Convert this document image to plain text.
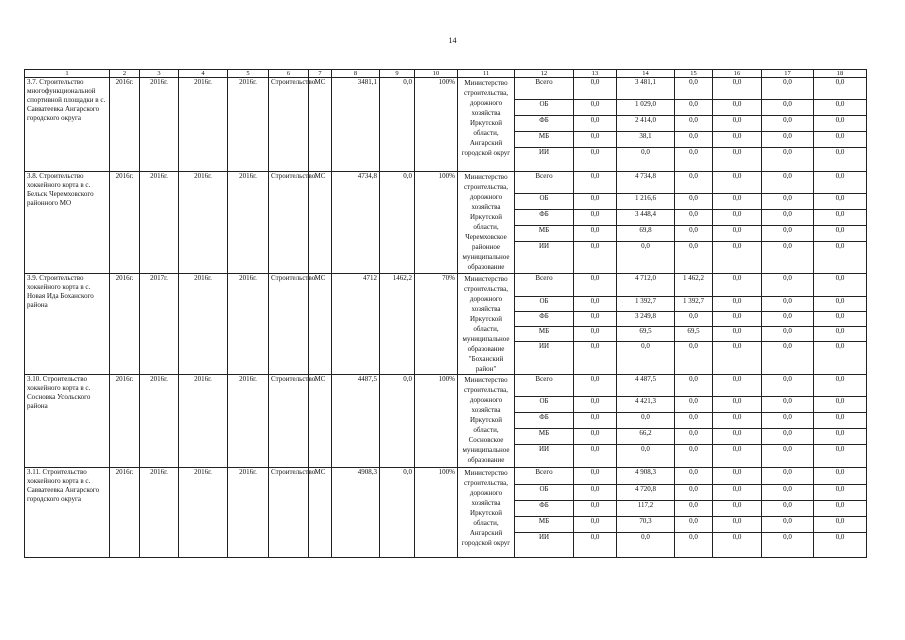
14
1	2	3	4	5	6	7	8	9	10	11	12	13	14	15	16	17	18
3.7. Строительство многофункциональной спортивной площадки в с. Савватеевка Ангарского городского округа	2016г.	2016г.	2016г.	2016г.	Строительство	МС	3481,1	0,0	100%	Министерство строительства, дорожного хозяйства Иркутской области, Ангарский городской округ	Всего	0,0	3 481,1	0,0	0,0	0,0	0,0
											ОБ	0,0	1 029,0	0,0	0,0	0,0	0,0
											ФБ	0,0	2 414,0	0,0	0,0	0,0	0,0
											МБ	0,0	38,1	0,0	0,0	0,0	0,0
											ИИ	0,0	0,0	0,0	0,0	0,0	0,0
3.8. Строительство хоккейного корта в с. Бельск Черемховского районного МО	2016г.	2016г.	2016г.	2016г.	Строительство	МС	4734,8	0,0	100%	Министерство строительства, дорожного хозяйства Иркутской области, Черемховское районное муниципальное образование	Всего	0,0	4 734,8	0,0	0,0	0,0	0,0
											ОБ	0,0	1 216,6	0,0	0,0	0,0	0,0
											ФБ	0,0	3 448,4	0,0	0,0	0,0	0,0
											МБ	0,0	69,8	0,0	0,0	0,0	0,0
											ИИ	0,0	0,0	0,0	0,0	0,0	0,0
3.9. Строительство хоккейного корта в с. Новая Ида Боханского района	2016г.	2017г.	2016г.	2016г.	Строительство	МС	4712	1462,2	70%	Министерство строительства, дорожного хозяйства Иркутской области, муниципальное образование "Боханский район"	Всего	0,0	4 712,0	1 462,2	0,0	0,0	0,0
											ОБ	0,0	1 392,7	1 392,7	0,0	0,0	0,0
											ФБ	0,0	3 249,8	0,0	0,0	0,0	0,0
											МБ	0,0	69,5	69,5	0,0	0,0	0,0
											ИИ	0,0	0,0	0,0	0,0	0,0	0,0
3.10. Строительство хоккейного корта в с. Сосновка Усольского района	2016г.	2016г.	2016г.	2016г.	Строительство	МС	4487,5	0,0	100%	Министерство строительства, дорожного хозяйства Иркутской области, Сосновское муниципальное образование	Всего	0,0	4 487,5	0,0	0,0	0,0	0,0
											ОБ	0,0	4 421,3	0,0	0,0	0,0	0,0
											ФБ	0,0	0,0	0,0	0,0	0,0	0,0
											МБ	0,0	66,2	0,0	0,0	0,0	0,0
											ИИ	0,0	0,0	0,0	0,0	0,0	0,0
3.11. Строительство хоккейного корта в с. Савватеевка Ангарского городского округа	2016г.	2016г.	2016г.	2016г.	Строительство	МС	4908,3	0,0	100%	Министерство строительства, дорожного хозяйства Иркутской области, Ангарский городской округ	Всего	0,0	4 908,3	0,0	0,0	0,0	0,0
											ОБ	0,0	4 720,8	0,0	0,0	0,0	0,0
											ФБ	0,0	117,2	0,0	0,0	0,0	0,0
											МБ	0,0	70,3	0,0	0,0	0,0	0,0
											ИИ	0,0	0,0	0,0	0,0	0,0	0,0
